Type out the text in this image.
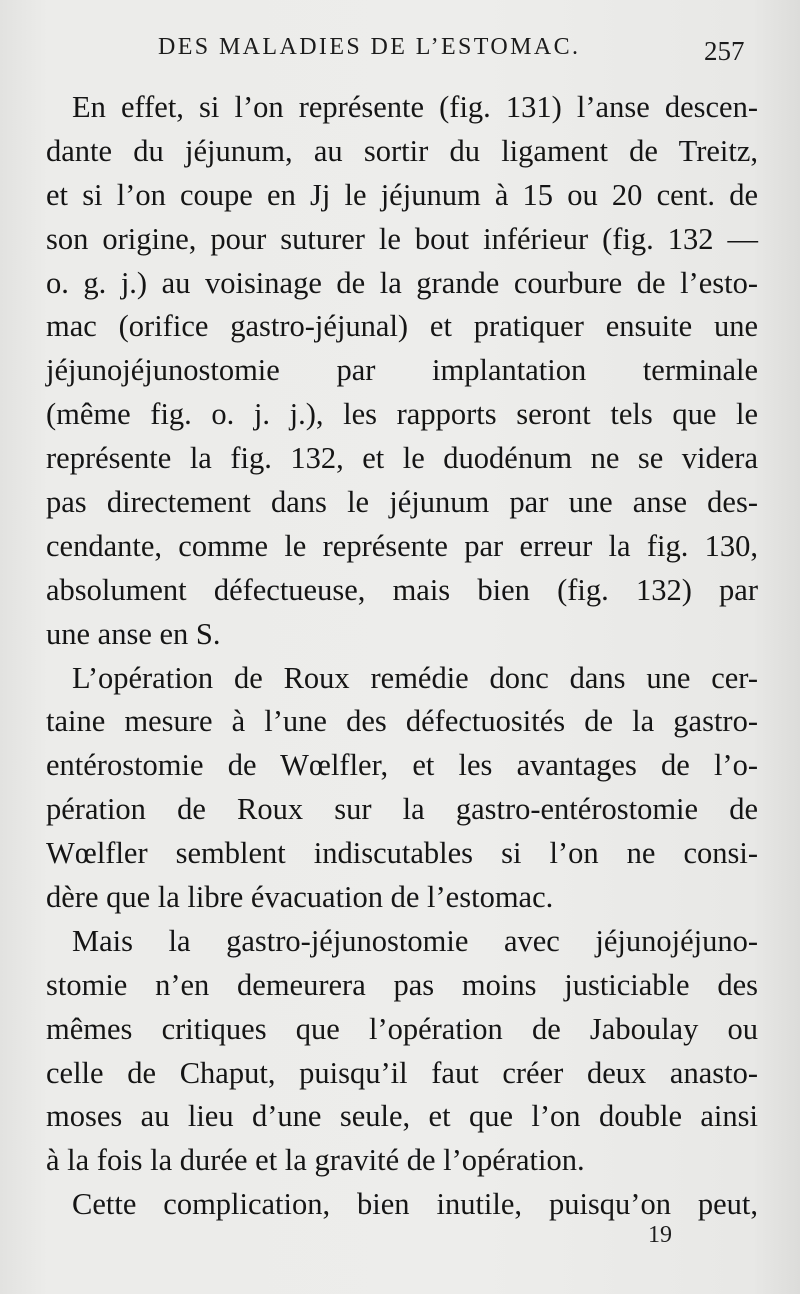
DES MALADIES DE L’ESTOMAC.	257

En effet, si l’on représente (fig. 131) l’anse descen-
dante du jéjunum, au sortir du ligament de Treitz,
et si l’on coupe en Jj le jéjunum à 15 ou 20 cent. de
son origine, pour suturer le bout inférieur (fig. 132 —
o. g. j.) au voisinage de la grande courbure de l’esto-
mac (orifice gastro-jéjunal) et pratiquer ensuite une
jéjunojéjunostomie par implantation terminale
(même fig. o. j. j.), les rapports seront tels que le
représente la fig. 132, et le duodénum ne se videra
pas directement dans le jéjunum par une anse des-
cendante, comme le représente par erreur la fig. 130,
absolument défectueuse, mais bien (fig. 132) par
une anse en S.

L’opération de Roux remédie donc dans une cer-
taine mesure à l’une des défectuosités de la gastro-
entérostomie de Wœlfler, et les avantages de l’o-
pération de Roux sur la gastro-entérostomie de
Wœlfler semblent indiscutables si l’on ne consi-
dère que la libre évacuation de l’estomac.

Mais la gastro-jéjunostomie avec jéjunojéjuno-
stomie n’en demeurera pas moins justiciable des
mêmes critiques que l’opération de Jaboulay ou
celle de Chaput, puisqu’il faut créer deux anasto-
moses au lieu d’une seule, et que l’on double ainsi
à la fois la durée et la gravité de l’opération.

Cette complication, bien inutile, puisqu’on peut,

19
